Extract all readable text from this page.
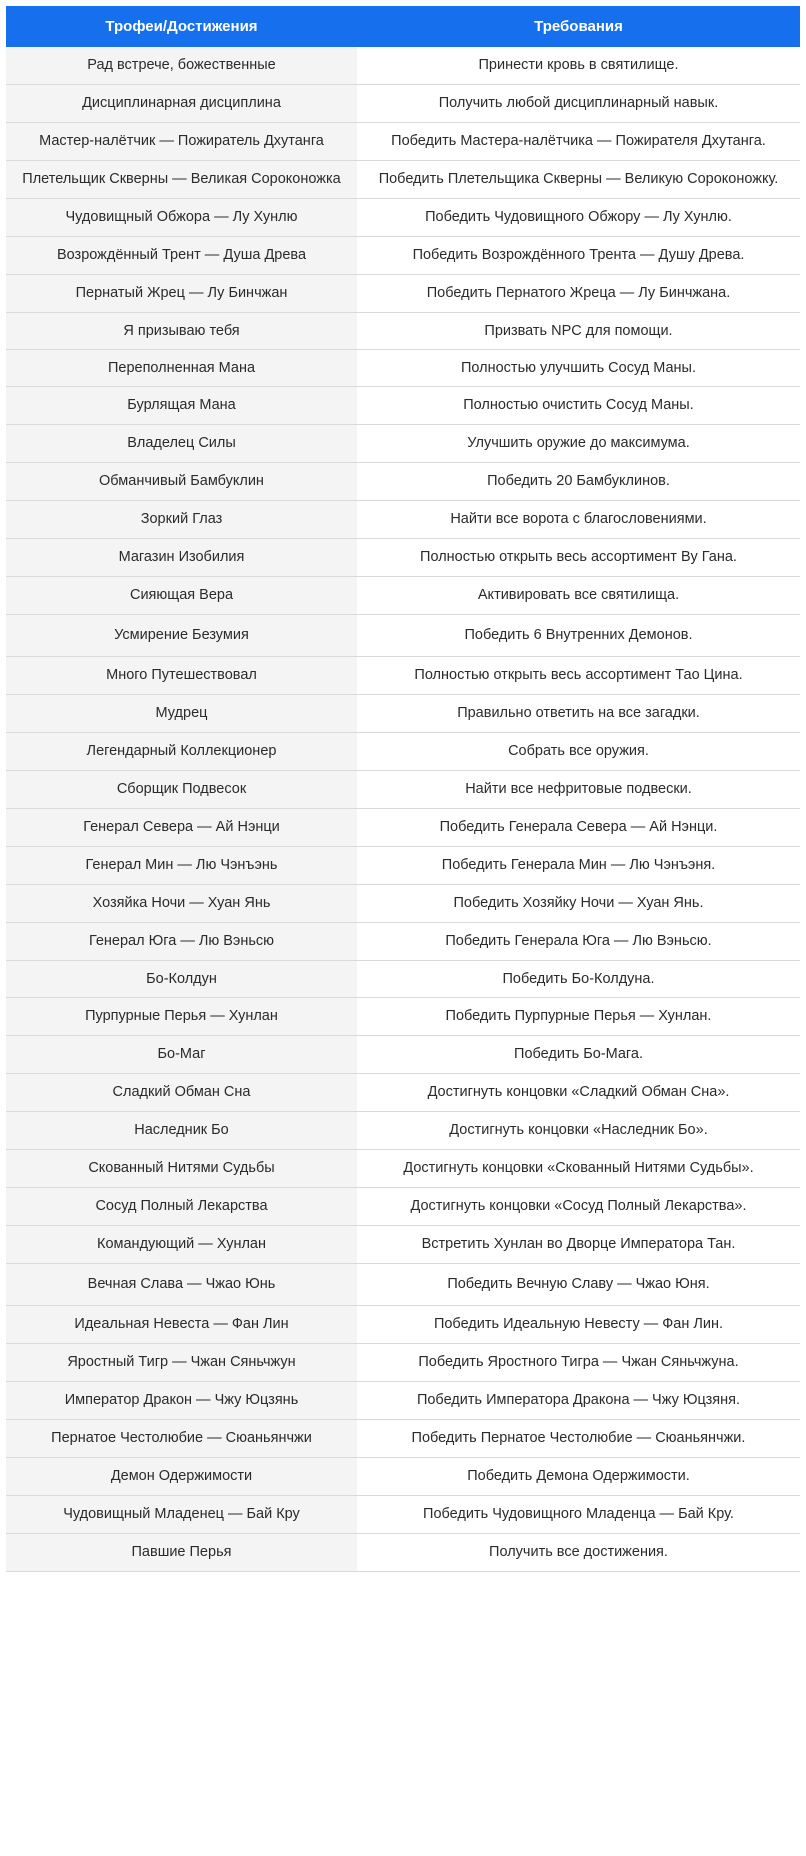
Трофеи/Достижения	Требования
Рад встрече, божественные	Принести кровь в святилище.
Дисциплинарная дисциплина	Получить любой дисциплинарный навык.
Мастер-налётчик — Пожиратель Дхутанга	Победить Мастера-налётчика — Пожирателя Дхутанга.
Плетельщик Скверны — Великая Сороконожка	Победить Плетельщика Скверны — Великую Сороконожку.
Чудовищный Обжора — Лу Хунлю	Победить Чудовищного Обжору — Лу Хунлю.
Возрождённый Трент — Душа Древа	Победить Возрождённого Трента — Душу Древа.
Пернатый Жрец — Лу Бинчжан	Победить Пернатого Жреца — Лу Бинчжана.
Я призываю тебя	Призвать NPC для помощи.
Переполненная Мана	Полностью улучшить Сосуд Маны.
Бурлящая Мана	Полностью очистить Сосуд Маны.
Владелец Силы	Улучшить оружие до максимума.
Обманчивый Бамбуклин	Победить 20 Бамбуклинов.
Зоркий Глаз	Найти все ворота с благословениями.
Магазин Изобилия	Полностью открыть весь ассортимент Ву Гана.
Сияющая Вера	Активировать все святилища.
Усмирение Безумия	Победить 6 Внутренних Демонов.
Много Путешествовал	Полностью открыть весь ассортимент Тао Цина.
Мудрец	Правильно ответить на все загадки.
Легендарный Коллекционер	Собрать все оружия.
Сборщик Подвесок	Найти все нефритовые подвески.
Генерал Севера — Ай Нэнци	Победить Генерала Севера — Ай Нэнци.
Генерал Мин — Лю Чэнъэнь	Победить Генерала Мин — Лю Чэнъэня.
Хозяйка Ночи — Хуан Янь	Победить Хозяйку Ночи — Хуан Янь.
Генерал Юга — Лю Вэньсю	Победить Генерала Юга — Лю Вэньсю.
Бо-Колдун	Победить Бо-Колдуна.
Пурпурные Перья — Хунлан	Победить Пурпурные Перья — Хунлан.
Бо-Маг	Победить Бо-Мага.
Сладкий Обман Сна	Достигнуть концовки «Сладкий Обман Сна».
Наследник Бо	Достигнуть концовки «Наследник Бо».
Скованный Нитями Судьбы	Достигнуть концовки «Скованный Нитями Судьбы».
Сосуд Полный Лекарства	Достигнуть концовки «Сосуд Полный Лекарства».
Командующий — Хунлан	Встретить Хунлан во Дворце Императора Тан.
Вечная Слава — Чжао Юнь	Победить Вечную Славу — Чжао Юня.
Идеальная Невеста — Фан Лин	Победить Идеальную Невесту — Фан Лин.
Яростный Тигр — Чжан Сяньчжун	Победить Яростного Тигра — Чжан Сяньчжуна.
Император Дракон — Чжу Юцзянь	Победить Императора Дракона — Чжу Юцзяня.
Пернатое Честолюбие — Сюаньянчжи	Победить Пернатое Честолюбие — Сюаньянчжи.
Демон Одержимости	Победить Демона Одержимости.
Чудовищный Младенец — Бай Кру	Победить Чудовищного Младенца — Бай Кру.
Павшие Перья	Получить все достижения.
